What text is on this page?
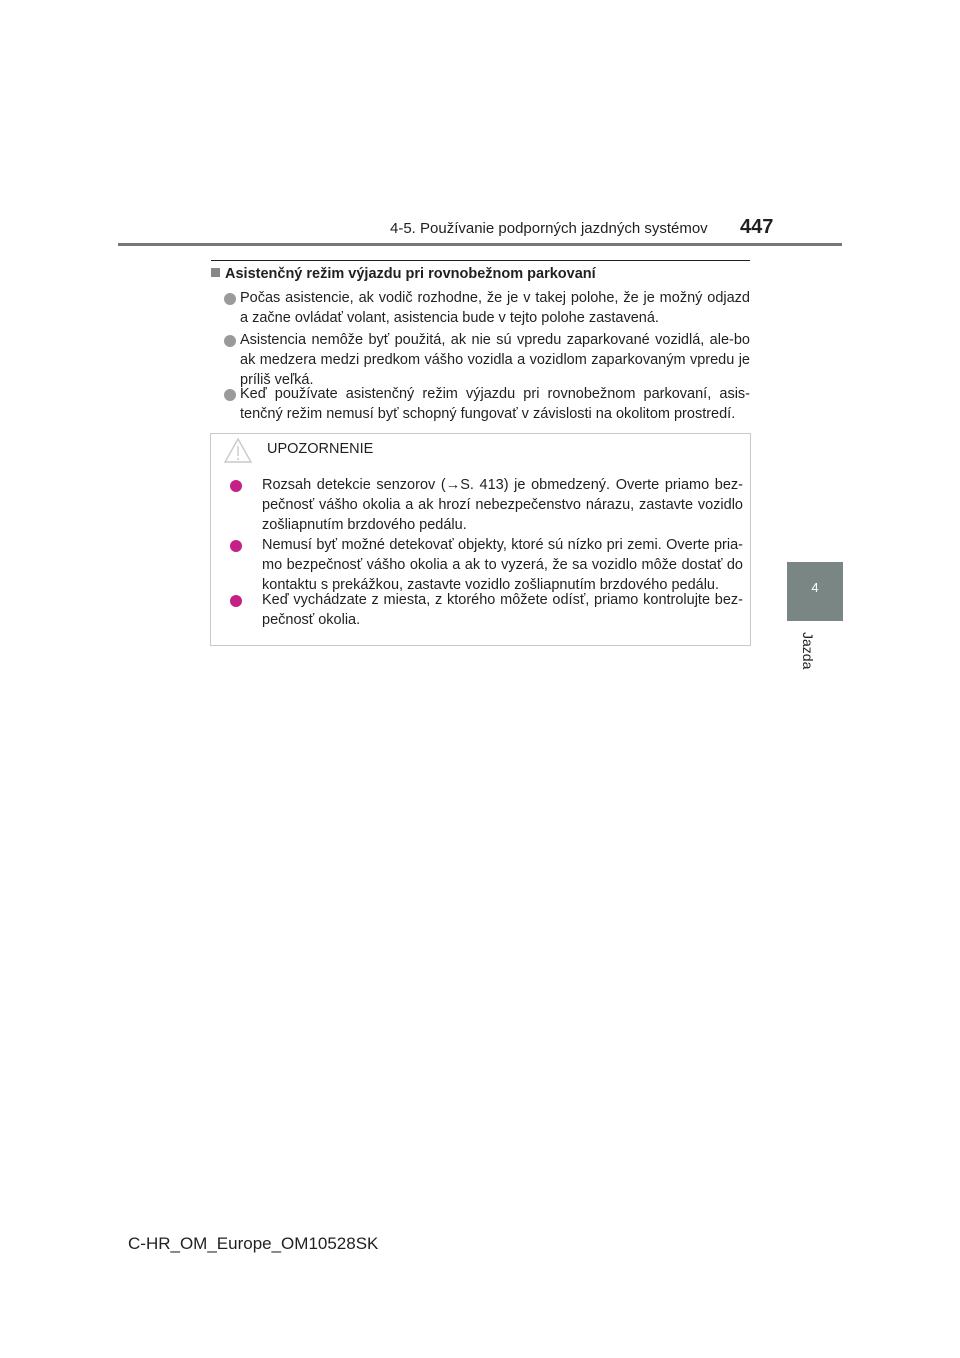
4-5. Používanie podporných jazdných systémov 447
4
Jazda
Asistenčný režim výjazdu pri rovnobežnom parkovaní
Počas asistencie, ak vodič rozhodne, že je v takej polohe, že je možný odjazd a začne ovládať volant, asistencia bude v tejto polohe zastavená.
Asistencia nemôže byť použitá, ak nie sú vpredu zaparkované vozidlá, ale-bo ak medzera medzi predkom vášho vozidla a vozidlom zaparkovaným vpredu je príliš veľká.
Keď používate asistenčný režim výjazdu pri rovnobežnom parkovaní, asis-tenčný režim nemusí byť schopný fungovať v závislosti na okolitom prostredí.
UPOZORNENIE
Rozsah detekcie senzorov (→S. 413) je obmedzený. Overte priamo bez-pečnosť vášho okolia a ak hrozí nebezpečenstvo nárazu, zastavte vozidlo zošliapnutím brzdového pedálu.
Nemusí byť možné detekovať objekty, ktoré sú nízko pri zemi. Overte pria-mo bezpečnosť vášho okolia a ak to vyzerá, že sa vozidlo môže dostať do kontaktu s prekážkou, zastavte vozidlo zošliapnutím brzdového pedálu.
Keď vychádzate z miesta, z ktorého môžete odísť, priamo kontrolujte bez-pečnosť okolia.
C-HR_OM_Europe_OM10528SK
